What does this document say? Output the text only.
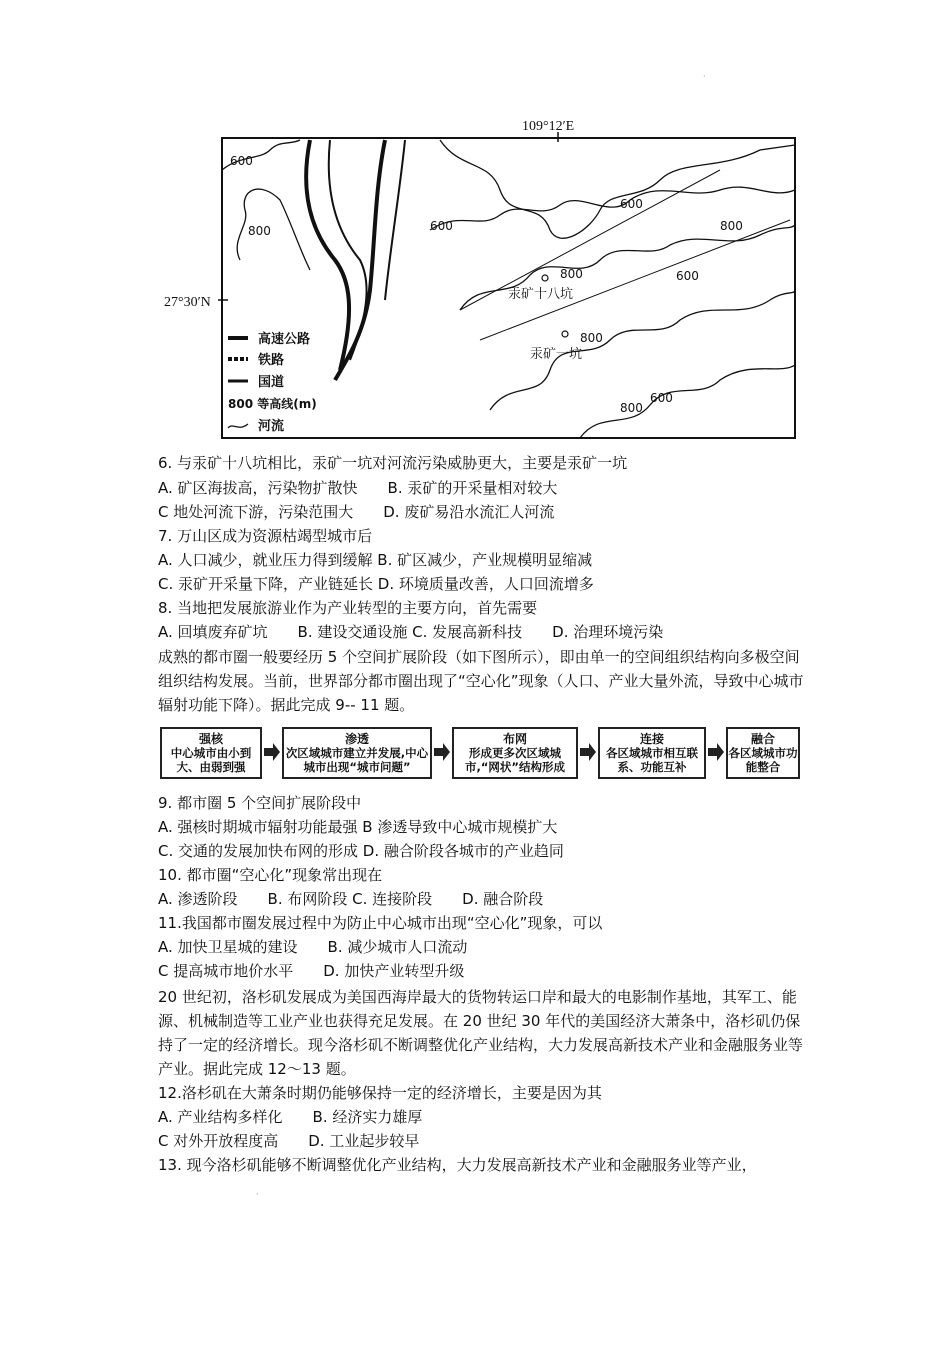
109°12′E
27°30′N
600
800	600
600
800
800	600
800
800
600
汞矿十八坑
汞矿一坑
高速公路
铁路
国道
800 等高线(m)
河流
·
6. 与汞矿十八坑相比，汞矿一坑对河流污染威胁更大，主要是汞矿一坑
A. 矿区海拔高，污染物扩散快　　B. 汞矿的开采量相对较大
C 地处河流下游，污染范围大　　D. 废矿易沿水流汇人河流
7. 万山区成为资源枯竭型城市后
A. 人口减少，就业压力得到缓解 B. 矿区减少，产业规模明显缩减
C. 汞矿开采量下降，产业链延长 D. 环境质量改善，人口回流增多
8. 当地把发展旅游业作为产业转型的主要方向，首先需要
A. 回填废弃矿坑　　B. 建设交通设施 C. 发展高新科技　　D. 治理环境污染
成熟的都市圈一般要经历 5 个空间扩展阶段（如下图所示），即由单一的空间组织结构向多极空间组织结构发展。当前，世界部分都市圈出现了“空心化”现象（人口、产业大量外流，导致中心城市辐射功能下降）。据此完成 9-- 11 题。
强核
中心城市由小到大、由弱到强
渗透
次区域城市建立并发展,中心城市出现“城市问题”
布网
形成更多次区域城市,“网状”结构形成
连接
各区域城市相互联系、功能互补
融合
各区域城市功能整合
9. 都市圈 5 个空间扩展阶段中
A. 强核时期城市辐射功能最强 B 渗透导致中心城市规模扩大
C. 交通的发展加快布网的形成 D. 融合阶段各城市的产业趋同
10. 都市圈“空心化”现象常出现在
A. 渗透阶段　　B. 布网阶段 C. 连接阶段　　D. 融合阶段
11.我国都市圈发展过程中为防止中心城市出现“空心化”现象，可以
A. 加快卫星城的建设　　B. 减少城市人口流动
C 提高城市地价水平　　D. 加快产业转型升级
20 世纪初，洛杉矶发展成为美国西海岸最大的货物转运口岸和最大的电影制作基地，其军工、能源、机械制造等工业产业也获得充足发展。在 20 世纪 30 年代的美国经济大萧条中，洛杉矶仍保持了一定的经济增长。现今洛杉矶不断调整优化产业结构，大力发展高新技术产业和金融服务业等产业。据此完成 12～13 题。
12.洛杉矶在大萧条时期仍能够保持一定的经济增长，主要是因为其
A. 产业结构多样化　　B. 经济实力雄厚
C 对外开放程度高　　D. 工业起步较早
13. 现今洛杉矶能够不断调整优化产业结构，大力发展高新技术产业和金融服务业等产业，
·
